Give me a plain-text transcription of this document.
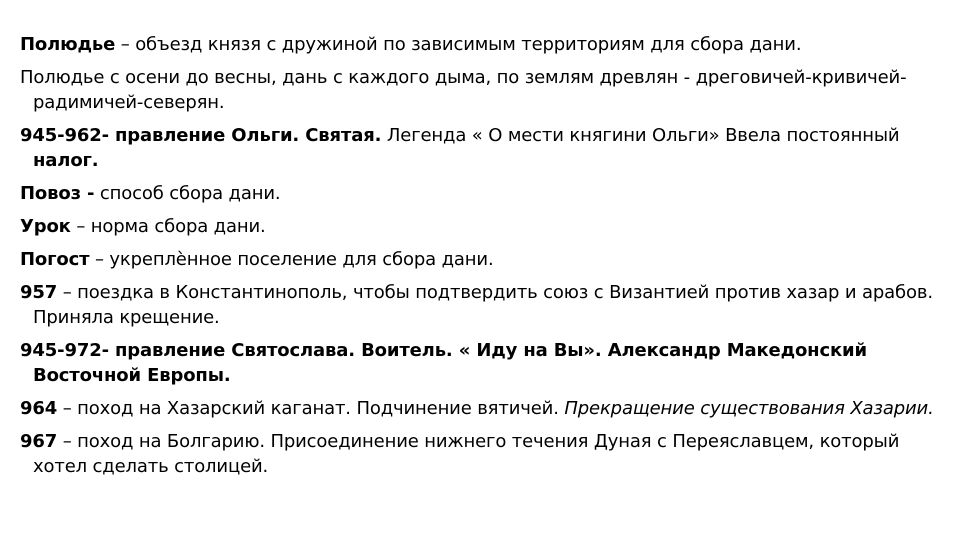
Полюдье – объезд князя с дружиной по зависимым территориям для сбора дани.

Полюдье с осени до весны, дань с каждого дыма, по землям древлян - дреговичей-кривичей-радимичей-северян.

945-962- правление Ольги. Святая. Легенда « О мести княгини Ольги» Ввела постоянный налог.

Повоз - способ сбора дани.

Урок – норма сбора дани.

Погост – укреплѐнное поселение для сбора дани.

957 – поездка в Константинополь, чтобы подтвердить союз с Византией против хазар и арабов. Приняла крещение.

945-972- правление Святослава. Воитель. « Иду на Вы». Александр Македонский Восточной Европы.

964 – поход на Хазарский каганат. Подчинение вятичей. Прекращение существования Хазарии.

967 – поход на Болгарию. Присоединение нижнего течения Дуная с Переяславцем, который хотел сделать столицей.
